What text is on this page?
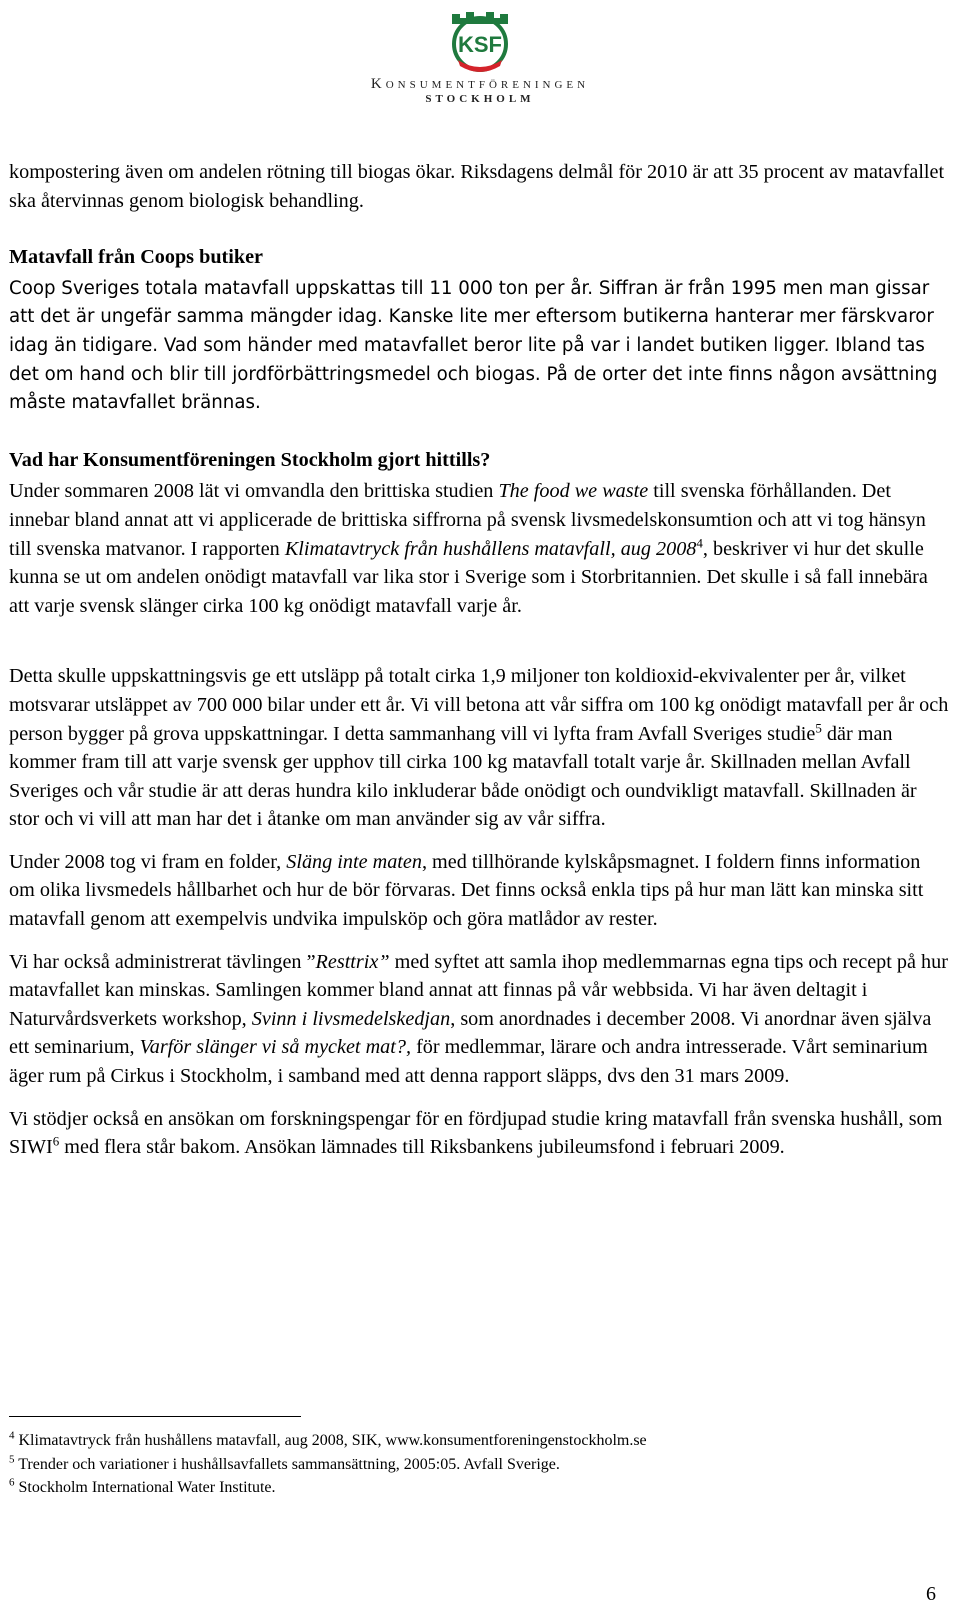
KSF
Konsumentföreningen
STOCKHOLM

kompostering även om andelen rötning till biogas ökar. Riksdagens delmål för 2010 är att 35 procent av matavfallet ska återvinnas genom biologisk behandling.

Matavfall från Coops butiker

Coop Sveriges totala matavfall uppskattas till 11 000 ton per år. Siffran är från 1995 men man gissar att det är ungefär samma mängder idag. Kanske lite mer eftersom butikerna hanterar mer färskvaror idag än tidigare. Vad som händer med matavfallet beror lite på var i landet butiken ligger. Ibland tas det om hand och blir till jordförbättringsmedel och biogas. På de orter det inte finns någon avsättning måste matavfallet brännas.

Vad har Konsumentföreningen Stockholm gjort hittills?

Under sommaren 2008 lät vi omvandla den brittiska studien The food we waste till svenska förhållanden. Det innebar bland annat att vi applicerade de brittiska siffrorna på svensk livsmedelskonsumtion och att vi tog hänsyn till svenska matvanor. I rapporten Klimatavtryck från hushållens matavfall, aug 2008$^4$, beskriver vi hur det skulle kunna se ut om andelen onödigt matavfall var lika stor i Sverige som i Storbritannien. Det skulle i så fall innebära att varje svensk slänger cirka 100 kg onödigt matavfall varje år.

Detta skulle uppskattningsvis ge ett utsläpp på totalt cirka 1,9 miljoner ton koldioxid-ekvivalenter per år, vilket motsvarar utsläppet av 700 000 bilar under ett år. Vi vill betona att vår siffra om 100 kg onödigt matavfall per år och person bygger på grova uppskattningar. I detta sammanhang vill vi lyfta fram Avfall Sveriges studie$^5$ där man kommer fram till att varje svensk ger upphov till cirka 100 kg matavfall totalt varje år. Skillnaden mellan Avfall Sveriges och vår studie är att deras hundra kilo inkluderar både onödigt och oundvikligt matavfall. Skillnaden är stor och vi vill att man har det i åtanke om man använder sig av vår siffra.

Under 2008 tog vi fram en folder, Släng inte maten, med tillhörande kylskåpsmagnet. I foldern finns information om olika livsmedels hållbarhet och hur de bör förvaras. Det finns också enkla tips på hur man lätt kan minska sitt matavfall genom att exempelvis undvika impulsköp och göra matlådor av rester.

Vi har också administrerat tävlingen ”Resttrix” med syftet att samla ihop medlemmarnas egna tips och recept på hur matavfallet kan minskas. Samlingen kommer bland annat att finnas på vår webbsida. Vi har även deltagit i Naturvårdsverkets workshop, Svinn i livsmedelskedjan, som anordnades i december 2008. Vi anordnar även själva ett seminarium, Varför slänger vi så mycket mat?, för medlemmar, lärare och andra intresserade. Vårt seminarium äger rum på Cirkus i Stockholm, i samband med att denna rapport släpps, dvs den 31 mars 2009.

Vi stödjer också en ansökan om forskningspengar för en fördjupad studie kring matavfall från svenska hushåll, som SIWI$^6$ med flera står bakom. Ansökan lämnades till Riksbankens jubileumsfond i februari 2009.

$^4$ Klimatavtryck från hushållens matavfall, aug 2008, SIK, www.konsumentforeningenstockholm.se
$^5$ Trender och variationer i hushållsavfallets sammansättning, 2005:05. Avfall Sverige.
$^6$ Stockholm International Water Institute.
6
